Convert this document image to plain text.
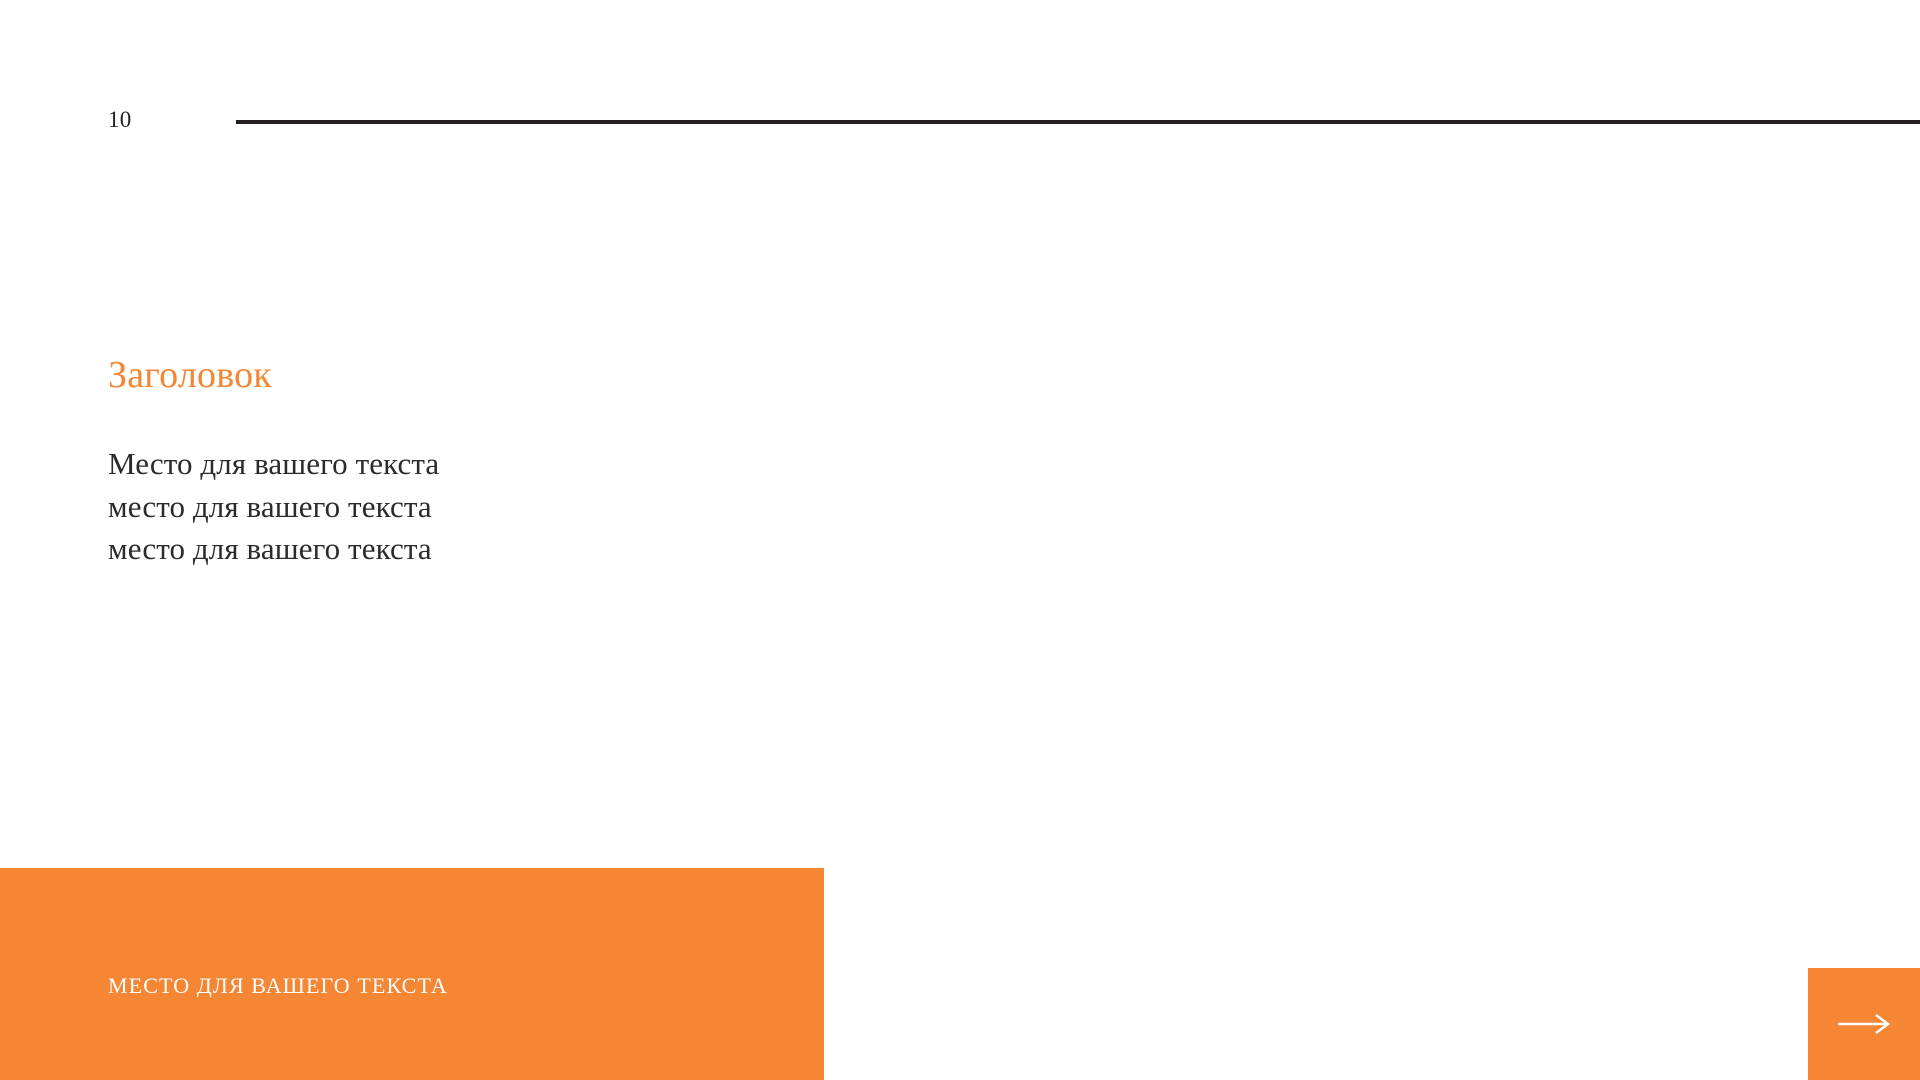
10
Заголовок
Место для вашего текста
место для вашего текста
место для вашего текста
МЕСТО ДЛЯ ВАШЕГО ТЕКСТА
